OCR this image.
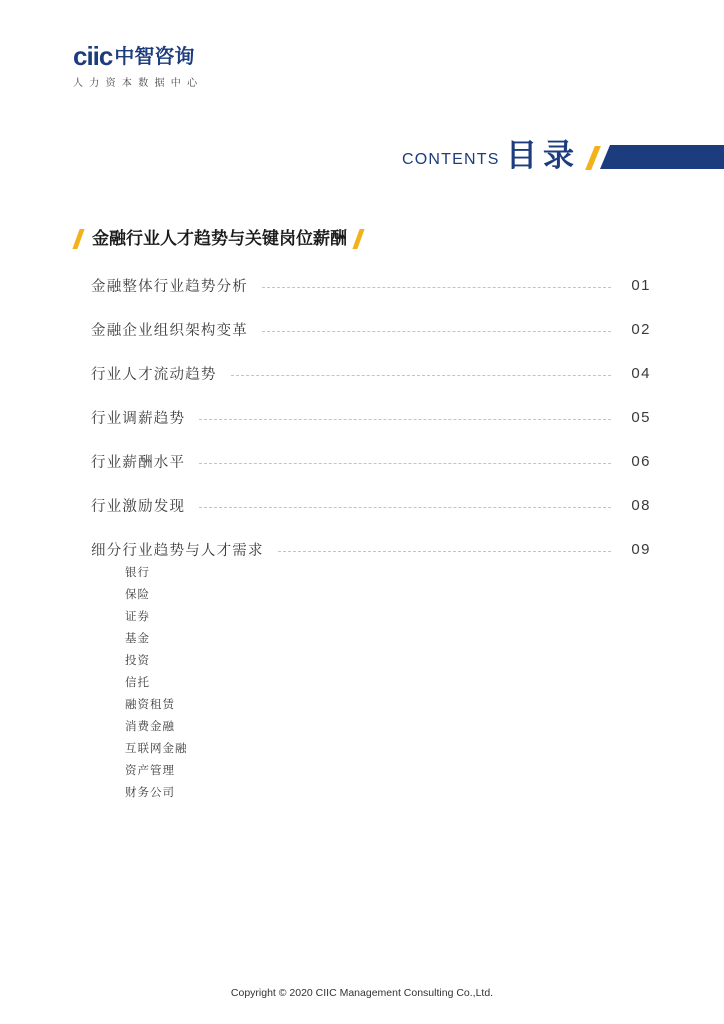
ciic 中智咨询
人力资本数据中心
CONTENTS 目录
金融行业人才趋势与关键岗位薪酬
金融整体行业趋势分析	01
金融企业组织架构变革	02
行业人才流动趋势	04
行业调薪趋势	05
行业薪酬水平	06
行业激励发现	08
细分行业趋势与人才需求	09
银行
保险
证券
基金
投资
信托
融资租赁
消费金融
互联网金融
资产管理
财务公司
Copyright © 2020 CIIC Management Consulting Co.,Ltd.
